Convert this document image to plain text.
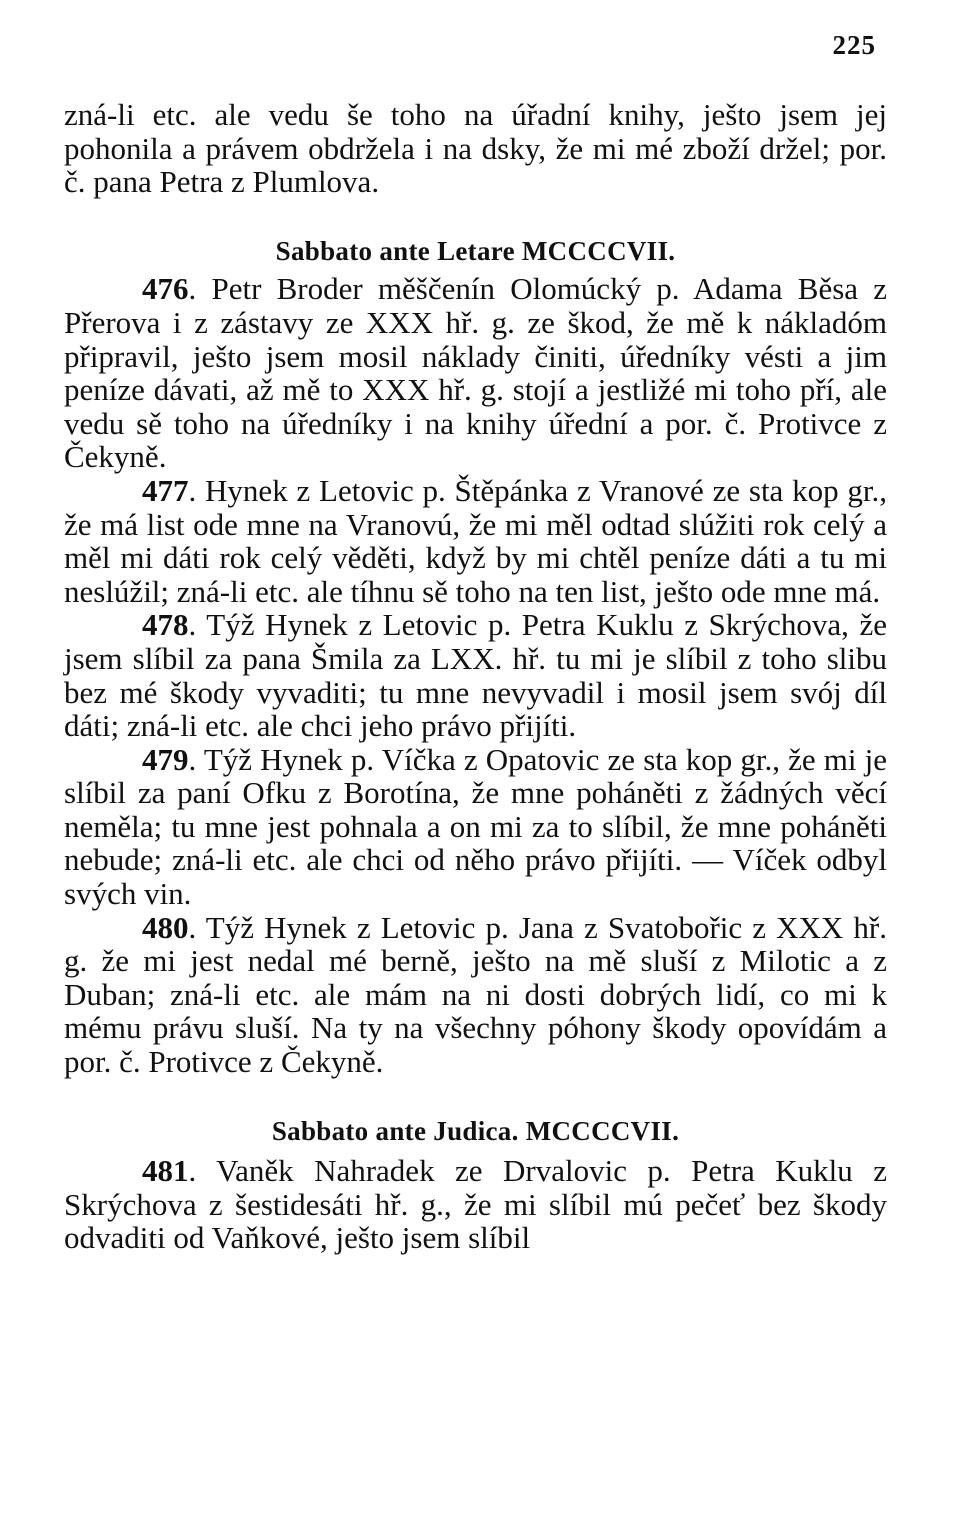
225

zná-li etc. ale vedu še toho na úřadní knihy, ješto jsem jej pohonila a právem obdržela i na dsky, že mi mé zboží držel; por. č. pana Petra z Plumlova.

Sabbato ante Letare MCCCCVII.

476. Petr Broder měščenín Olomúcký p. Adama Běsa z Přerova i z zástavy ze XXX hř. g. ze škod, že mě k nákladóm připravil, ješto jsem mosil náklady činiti, úředníky vésti a jim peníze dávati, až mě to XXX hř. g. stojí a jestližé mi toho pří, ale vedu sě toho na úředníky i na knihy úřední a por. č. Protivce z Čekyně.

477. Hynek z Letovic p. Štěpánka z Vranové ze sta kop gr., že má list ode mne na Vranovú, že mi měl odtad slúžiti rok celý a měl mi dáti rok celý věděti, když by mi chtěl peníze dáti a tu mi neslúžil; zná-li etc. ale tíhnu sě toho na ten list, ješto ode mne má.

478. Týž Hynek z Letovic p. Petra Kuklu z Skrýchova, že jsem slíbil za pana Šmila za LXX. hř. tu mi je slíbil z toho slibu bez mé škody vyvaditi; tu mne nevyvadil i mosil jsem svój díl dáti; zná-li etc. ale chci jeho právo přijíti.

479. Týž Hynek p. Víčka z Opatovic ze sta kop gr., že mi je slíbil za paní Ofku z Borotína, že mne poháněti z žádných věcí neměla; tu mne jest pohnala a on mi za to slíbil, že mne poháněti nebude; zná-li etc. ale chci od něho právo přijíti. — Víček odbyl svých vin.

480. Týž Hynek z Letovic p. Jana z Svatobořic z XXX hř. g. že mi jest nedal mé berně, ješto na mě sluší z Milotic a z Duban; zná-li etc. ale mám na ni dosti dobrých lidí, co mi k mému právu sluší. Na ty na všechny póhony škody opovídám a por. č. Protivce z Čekyně.

Sabbato ante Judica. MCCCCVII.

481. Vaněk Nahradek ze Drvalovic p. Petra Kuklu z Skrýchova z šestidesáti hř. g., že mi slíbil mú pečeť bez škody odvaditi od Vaňkové, ješto jsem slíbil
